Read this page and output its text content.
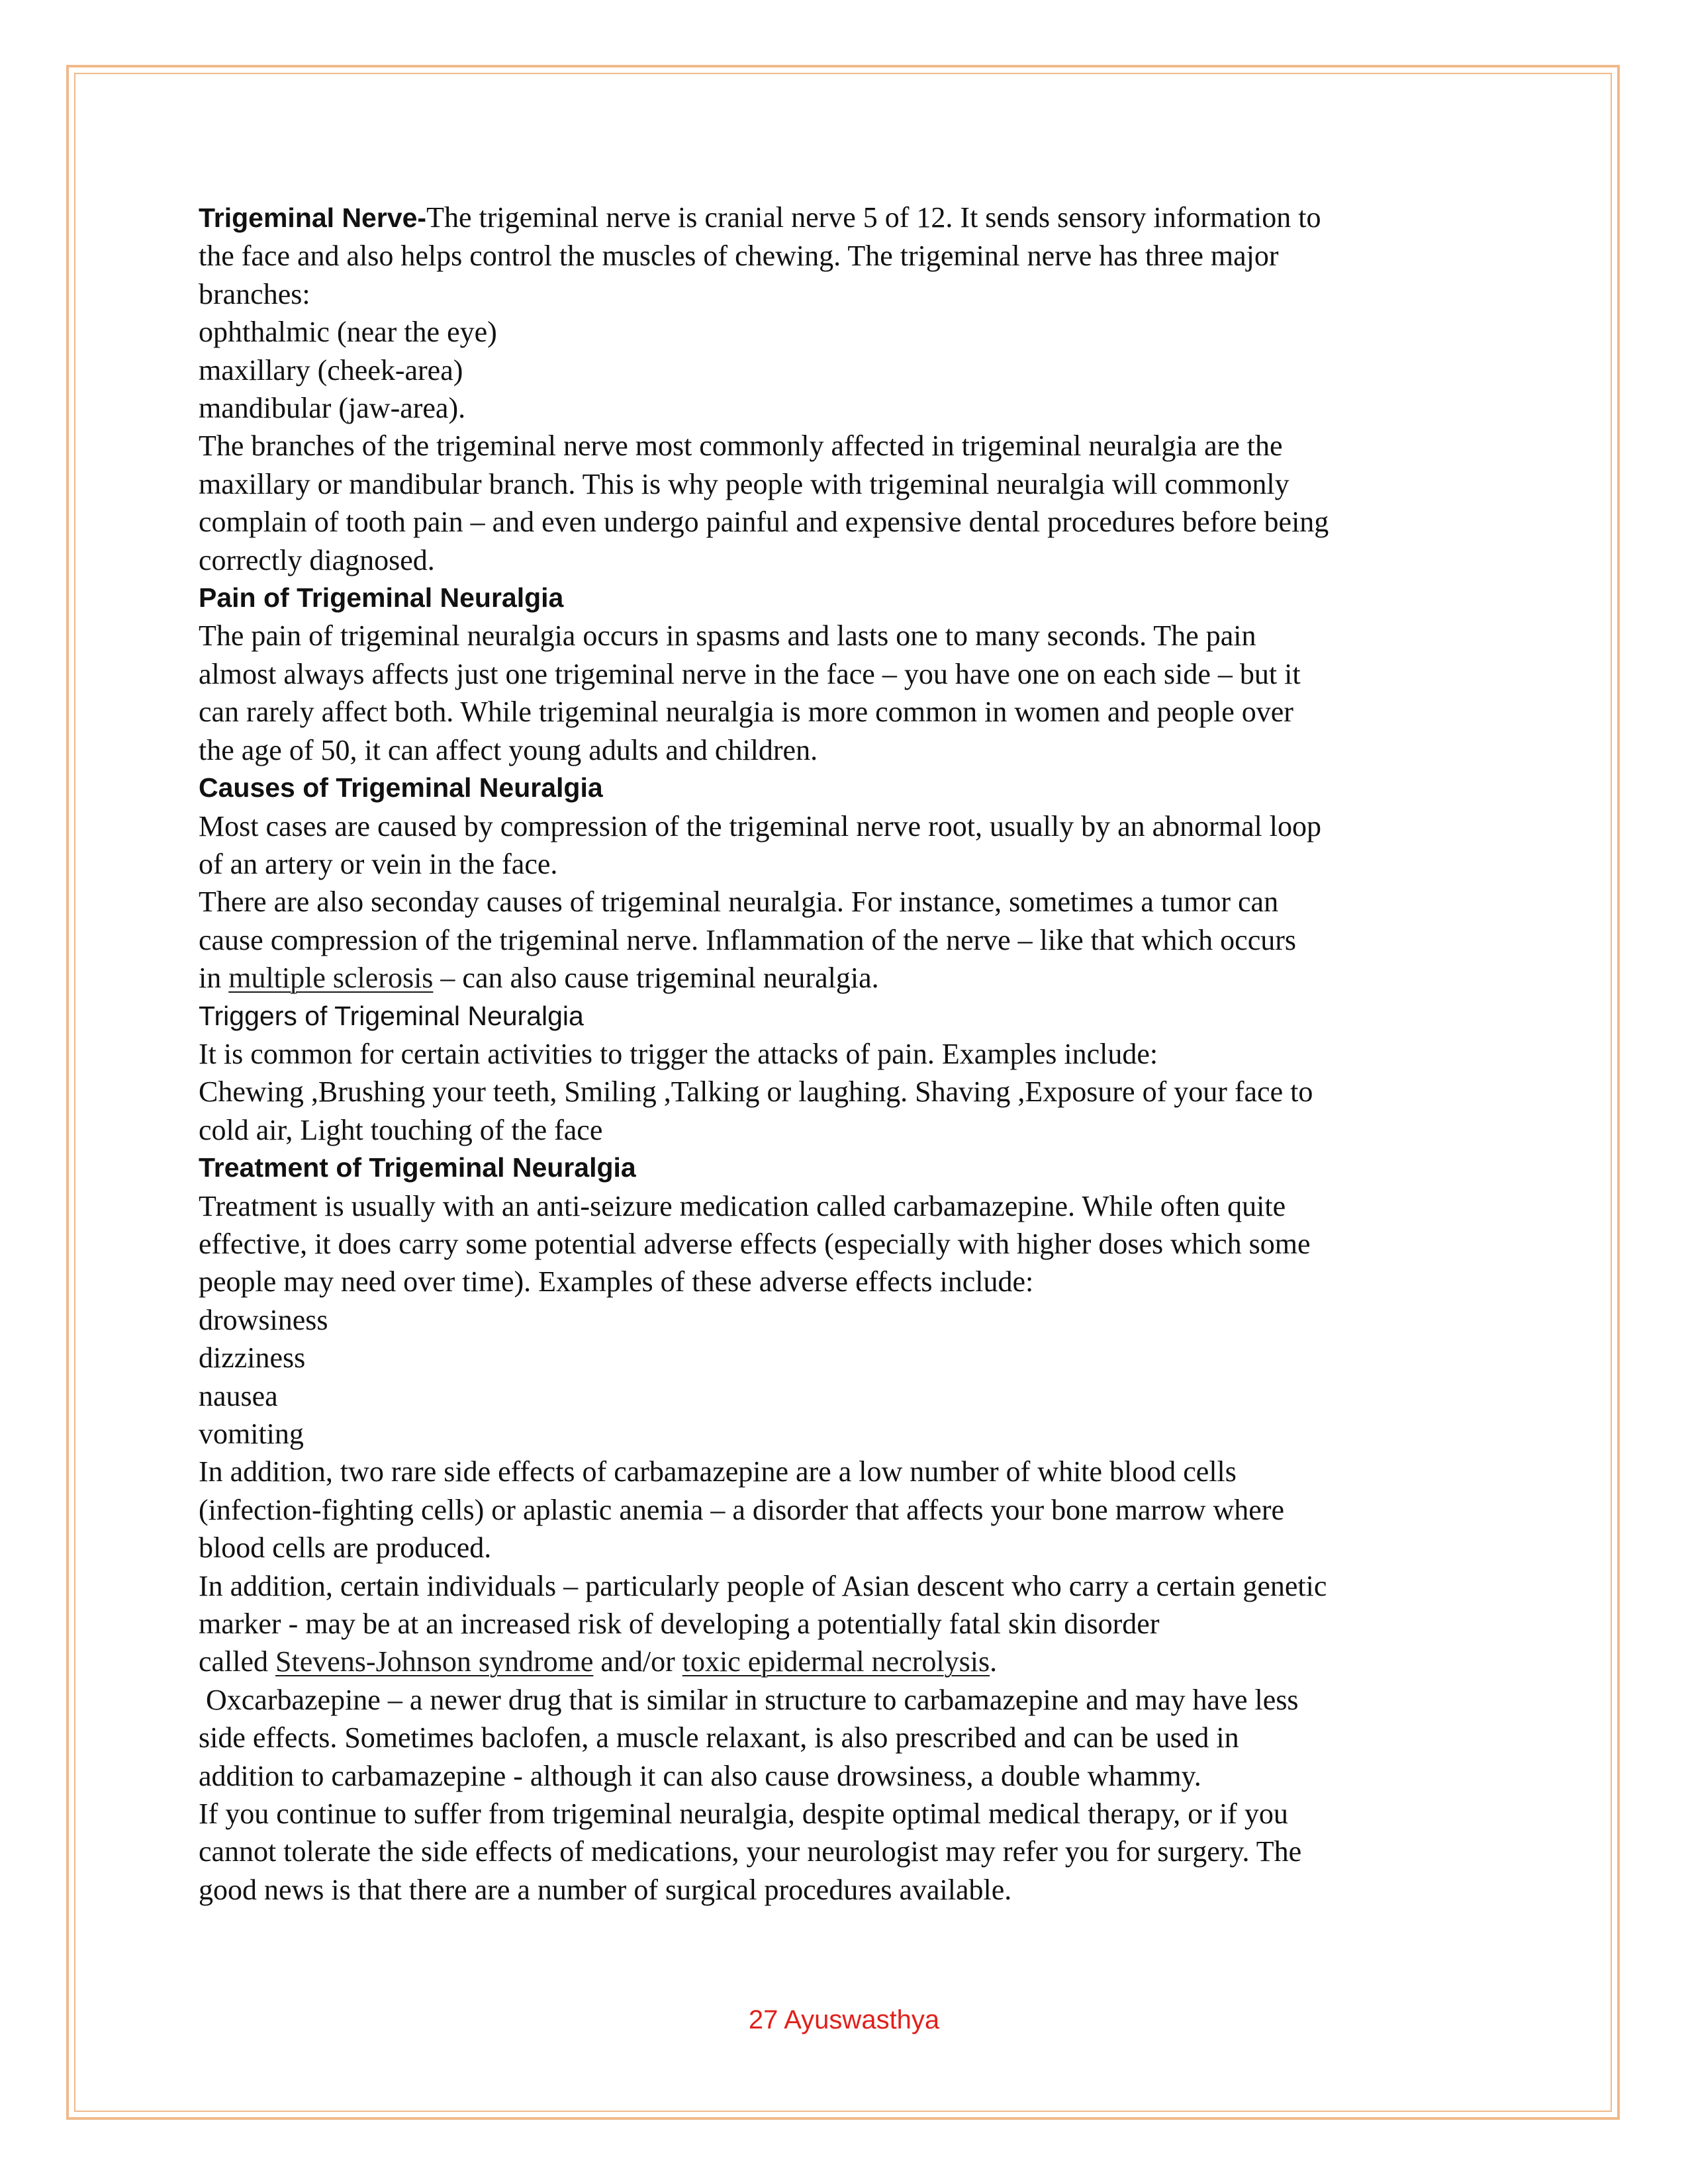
Trigeminal Nerve-The trigeminal nerve is cranial nerve 5 of 12. It sends sensory information to

the face and also helps control the muscles of chewing. The trigeminal nerve has three major

branches:

ophthalmic (near the eye)

maxillary (cheek-area)

mandibular (jaw-area).

The branches of the trigeminal nerve most commonly affected in trigeminal neuralgia are the

maxillary or mandibular branch. This is why people with trigeminal neuralgia will commonly

complain of tooth pain – and even undergo painful and expensive dental procedures before being

correctly diagnosed.

Pain of Trigeminal Neuralgia

The pain of trigeminal neuralgia occurs in spasms and lasts one to many seconds. The pain

almost always affects just one trigeminal nerve in the face – you have one on each side – but it

can rarely affect both. While trigeminal neuralgia is more common in women and people over

the age of 50, it can affect young adults and children.

Causes of Trigeminal Neuralgia

Most cases are caused by compression of the trigeminal nerve root, usually by an abnormal loop

of an artery or vein in the face.

There are also seconday causes of trigeminal neuralgia. For instance, sometimes a tumor can

cause compression of the trigeminal nerve. Inflammation of the nerve – like that which occurs

in multiple sclerosis – can also cause trigeminal neuralgia.

Triggers of Trigeminal Neuralgia

It is common for certain activities to trigger the attacks of pain. Examples include:

Chewing ,Brushing your teeth, Smiling ,Talking or laughing. Shaving ,Exposure of your face to

cold air, Light touching of the face

Treatment of Trigeminal Neuralgia

Treatment is usually with an anti-seizure medication called carbamazepine. While often quite

effective, it does carry some potential adverse effects (especially with higher doses which some

people may need over time). Examples of these adverse effects include:

drowsiness

dizziness

nausea

vomiting

In addition, two rare side effects of carbamazepine are a low number of white blood cells

(infection-fighting cells) or aplastic anemia – a disorder that affects your bone marrow where

blood cells are produced.

In addition, certain individuals – particularly people of Asian descent who carry a certain genetic

marker - may be at an increased risk of developing a potentially fatal skin disorder

called Stevens-Johnson syndrome and/or toxic epidermal necrolysis.

Oxcarbazepine – a newer drug that is similar in structure to carbamazepine and may have less

side effects. Sometimes baclofen, a muscle relaxant, is also prescribed and can be used in

addition to carbamazepine - although it can also cause drowsiness, a double whammy.

If you continue to suffer from trigeminal neuralgia, despite optimal medical therapy, or if you

cannot tolerate the side effects of medications, your neurologist may refer you for surgery. The

good news is that there are a number of surgical procedures available.

27 Ayuswasthya
